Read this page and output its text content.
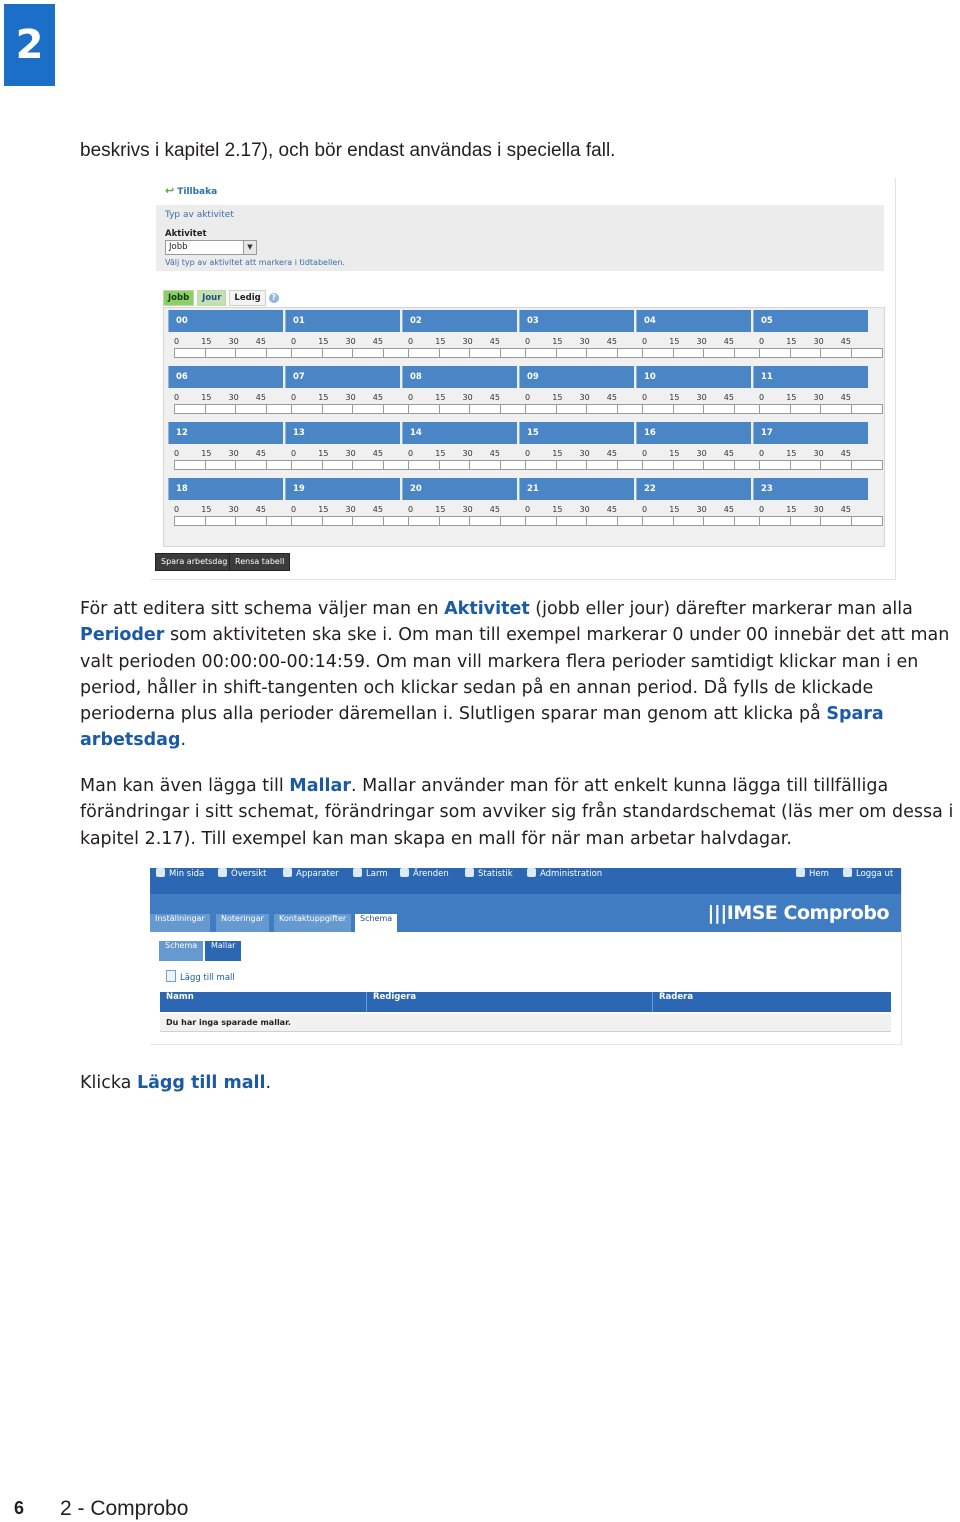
2
beskrivs i kapitel 2.17), och bör endast användas i speciella fall.
↩ Tillbaka
Typ av aktivitet
Aktivitet
Jobb	▼
Välj typ av aktivitet att markera i tidtabellen.
Jobb	Jour	Ledig	?
00
0	15	30	45
01
0	15	30	45
02
0	15	30	45
03
0	15	30	45
04
0	15	30	45
05
0	15	30	45
06
0	15	30	45
07
0	15	30	45
08
0	15	30	45
09
0	15	30	45
10
0	15	30	45
11
0	15	30	45
12
0	15	30	45
13
0	15	30	45
14
0	15	30	45
15
0	15	30	45
16
0	15	30	45
17
0	15	30	45
18
0	15	30	45
19
0	15	30	45
20
0	15	30	45
21
0	15	30	45
22
0	15	30	45
23
0	15	30	45
Spara arbetsdag Rensa tabell
För att editera sitt schema väljer man en Aktivitet (jobb eller jour) därefter markerar man alla Perioder som aktiviteten ska ske i. Om man till exempel markerar 0 under 00 innebär det att man valt perioden 00:00:00-00:14:59. Om man vill markera flera perioder samtidigt klickar man i en period, håller in shift-tangenten och klickar sedan på en annan period. Då fylls de klickade perioderna plus alla perioder däremellan i. Slutligen sparar man genom att klicka på Spara arbetsdag.
Man kan även lägga till Mallar. Mallar använder man för att enkelt kunna lägga till tillfälliga förändringar i sitt schemat, förändringar som avviker sig från standardschemat (läs mer om dessa i kapitel 2.17). Till exempel kan man skapa en mall för när man arbetar halvdagar.
Min sida	Översikt	Apparater	Larm	Ärenden	Statistik	Administration	Hem	Logga ut
|||IMSE Comprobo
Inställningar	Noteringar	Kontaktuppgifter	Schema
Schema	Mallar
Lägg till mall
Namn	Redigera	Radera
Du har inga sparade mallar.
Klicka Lägg till mall.
6 2 - Comprobo
